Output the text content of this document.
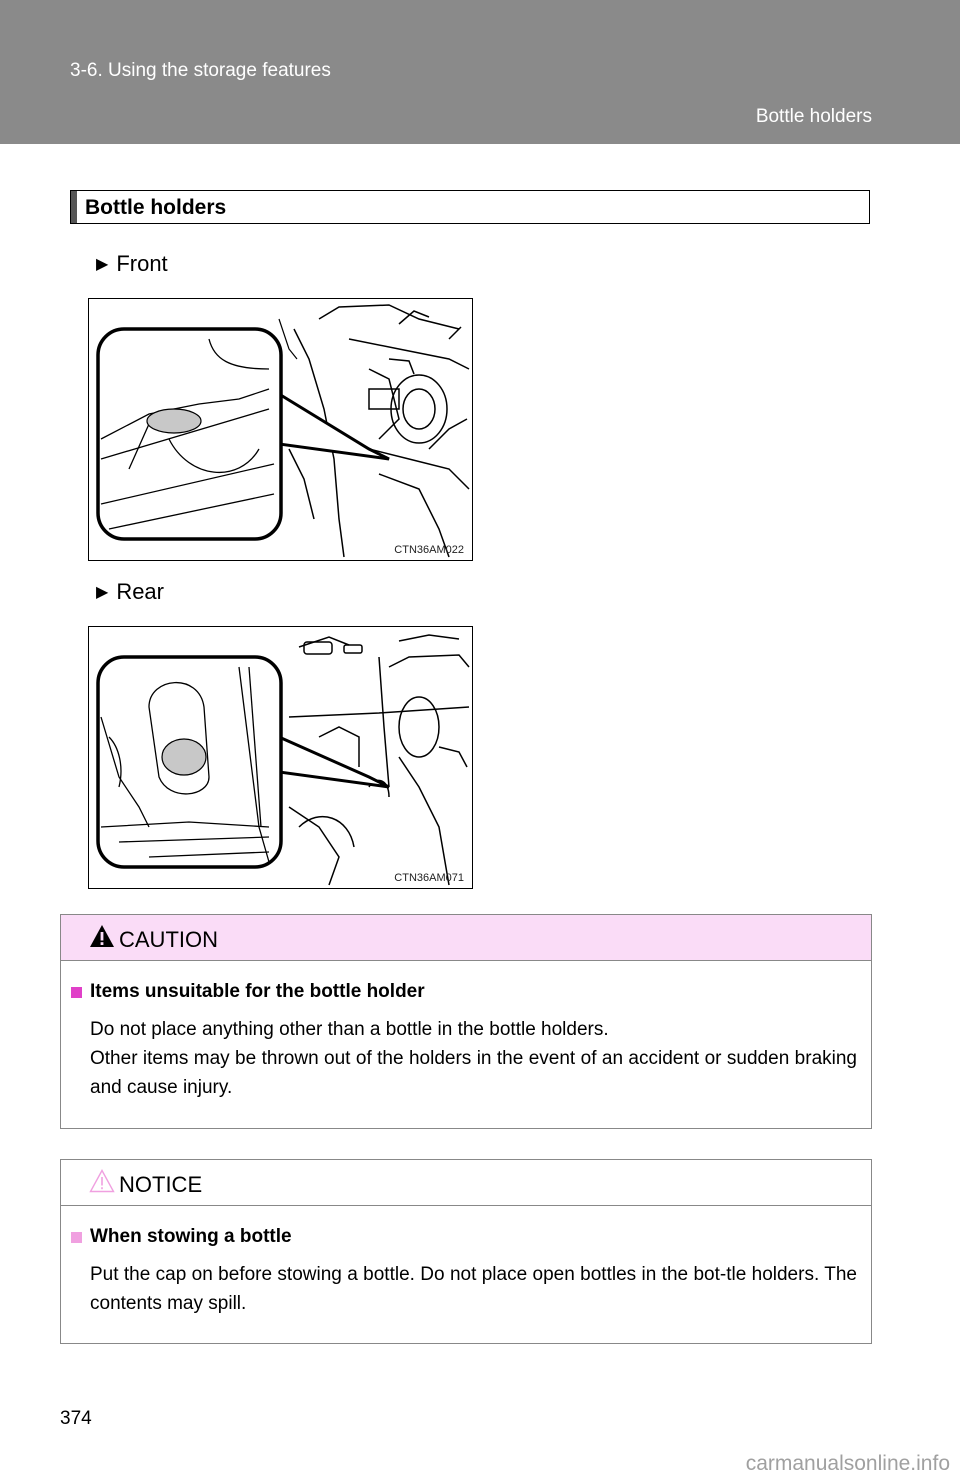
3-6. Using the storage features
Bottle holders
Bottle holders
▶ Front
CTN36AM022
▶ Rear
CTN36AM071
CAUTION
Items unsuitable for the bottle holder
Do not place anything other than a bottle in the bottle holders.
Other items may be thrown out of the holders in the event of an accident or sudden braking and cause injury.
NOTICE
When stowing a bottle
Put the cap on before stowing a bottle. Do not place open bottles in the bot-tle holders. The contents may spill.
374
carmanualsonline.info
